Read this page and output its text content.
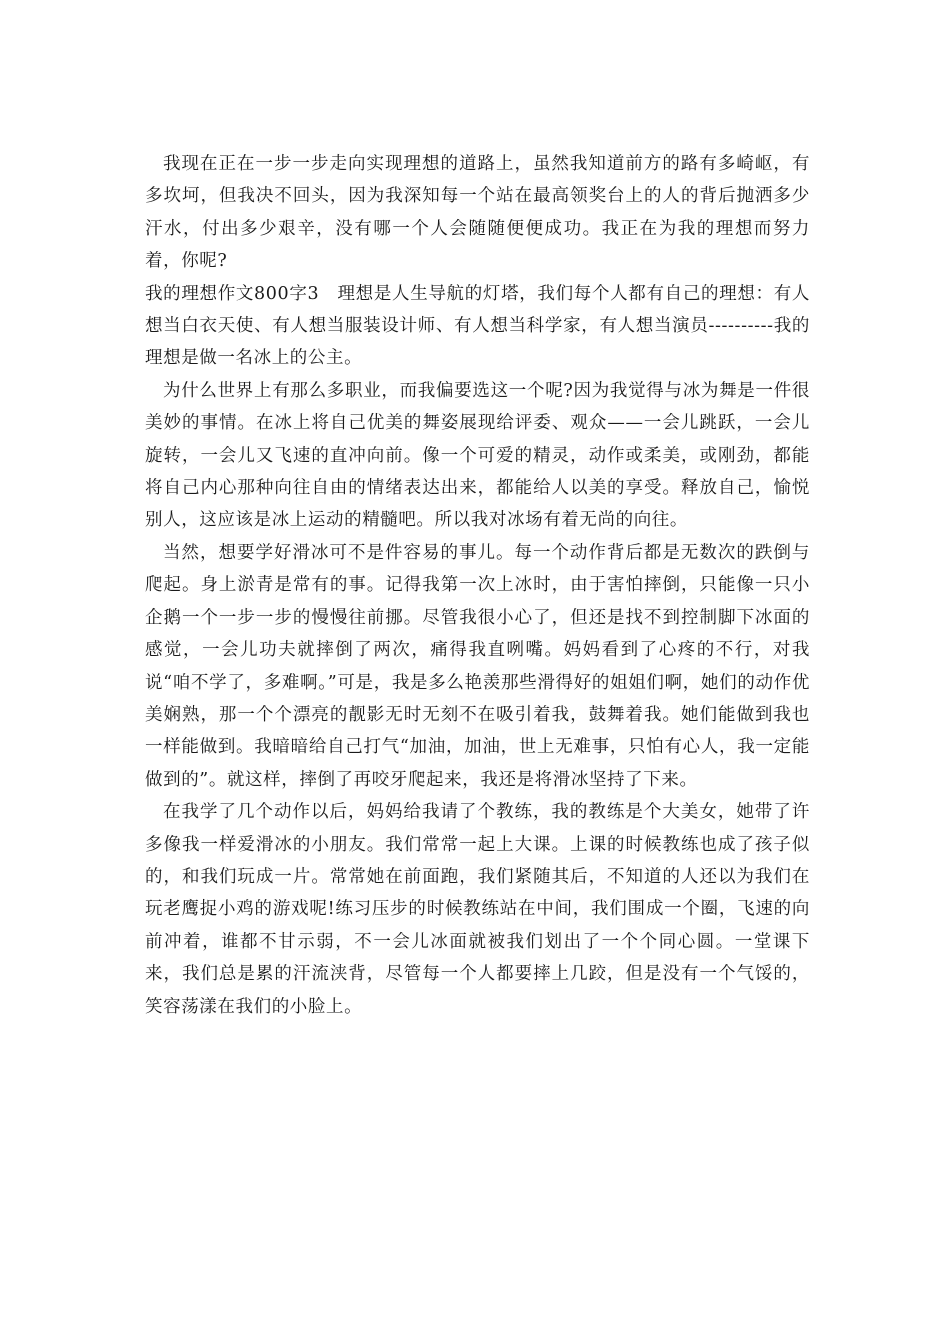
我现在正在一步一步走向实现理想的道路上，虽然我知道前方的路有多崎岖，有多坎坷，但我决不回头，因为我深知每一个站在最高领奖台上的人的背后抛洒多少汗水，付出多少艰辛，没有哪一个人会随随便便成功。我正在为我的理想而努力着，你呢?

我的理想作文800字3　理想是人生导航的灯塔，我们每个人都有自己的理想：有人想当白衣天使、有人想当服装设计师、有人想当科学家，有人想当演员----------我的理想是做一名冰上的公主。

为什么世界上有那么多职业，而我偏要选这一个呢?因为我觉得与冰为舞是一件很美妙的事情。在冰上将自己优美的舞姿展现给评委、观众——一会儿跳跃，一会儿旋转，一会儿又飞速的直冲向前。像一个可爱的精灵，动作或柔美，或刚劲，都能将自己内心那种向往自由的情绪表达出来，都能给人以美的享受。释放自己，愉悦别人，这应该是冰上运动的精髓吧。所以我对冰场有着无尚的向往。

当然，想要学好滑冰可不是件容易的事儿。每一个动作背后都是无数次的跌倒与爬起。身上淤青是常有的事。记得我第一次上冰时，由于害怕摔倒，只能像一只小企鹅一个一步一步的慢慢往前挪。尽管我很小心了，但还是找不到控制脚下冰面的感觉，一会儿功夫就摔倒了两次，痛得我直咧嘴。妈妈看到了心疼的不行，对我说“咱不学了，多难啊。”可是，我是多么艳羡那些滑得好的姐姐们啊，她们的动作优美娴熟，那一个个漂亮的靓影无时无刻不在吸引着我，鼓舞着我。她们能做到我也一样能做到。我暗暗给自己打气“加油，加油，世上无难事，只怕有心人，我一定能做到的”。就这样，摔倒了再咬牙爬起来，我还是将滑冰坚持了下来。

在我学了几个动作以后，妈妈给我请了个教练，我的教练是个大美女，她带了许多像我一样爱滑冰的小朋友。我们常常一起上大课。上课的时候教练也成了孩子似的，和我们玩成一片。常常她在前面跑，我们紧随其后，不知道的人还以为我们在玩老鹰捉小鸡的游戏呢!练习压步的时候教练站在中间，我们围成一个圈，飞速的向前冲着，谁都不甘示弱，不一会儿冰面就被我们划出了一个个同心圆。一堂课下来，我们总是累的汗流浃背，尽管每一个人都要摔上几跤，但是没有一个气馁的，笑容荡漾在我们的小脸上。
